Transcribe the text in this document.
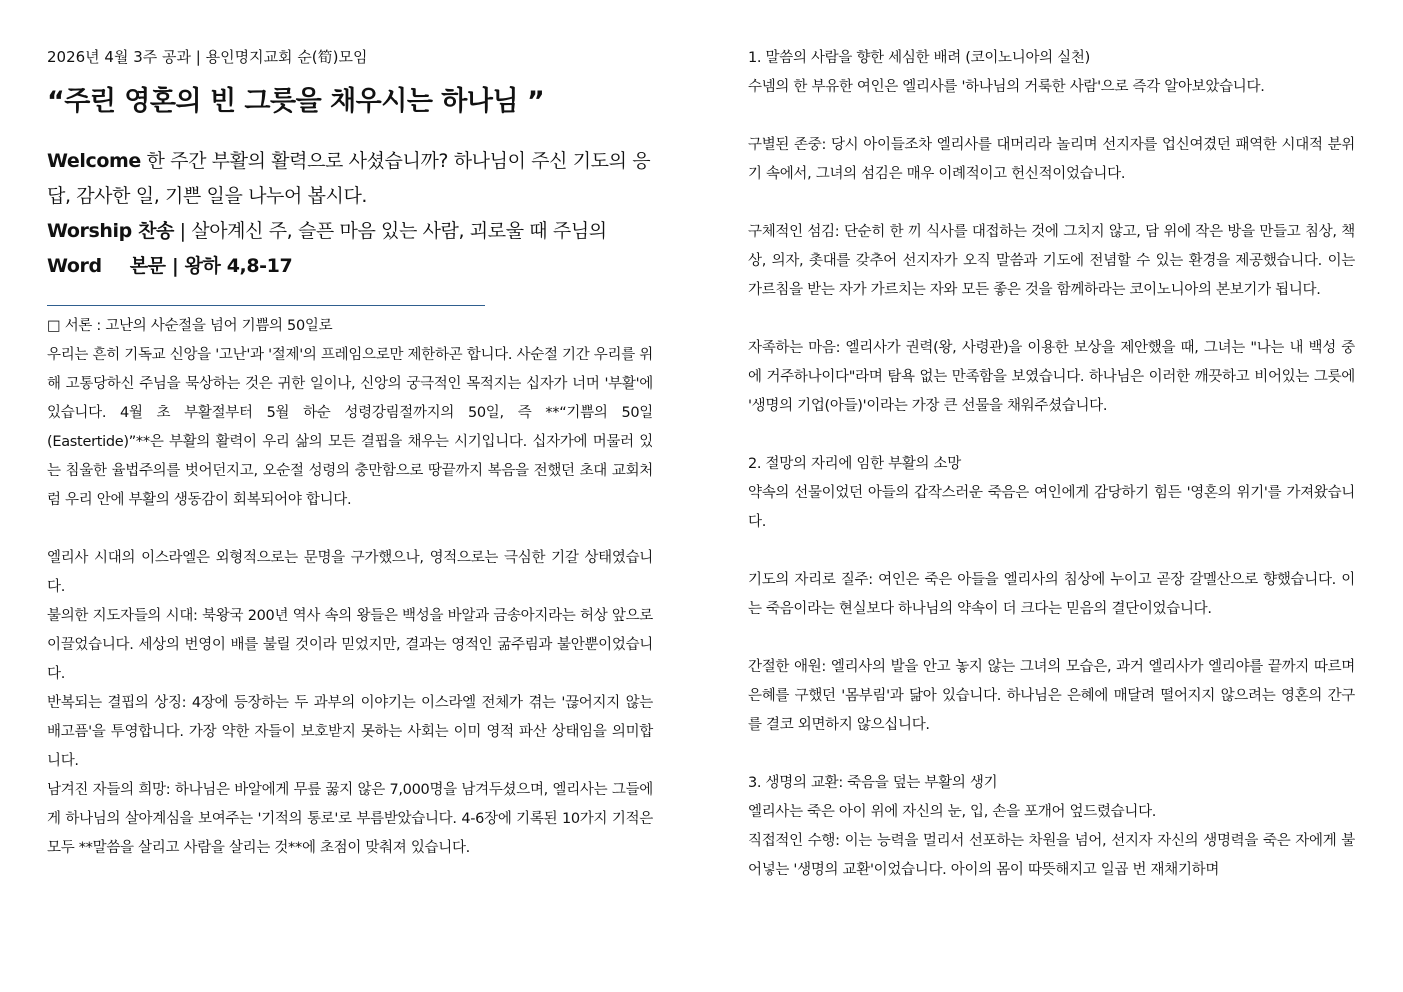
2026년 4월 3주 공과 | 용인명지교회 순(筍)모임

“주린 영혼의 빈 그릇을 채우시는 하나님 ”

Welcome 한 주간 부활의 활력으로 사셨습니까? 하나님이 주신 기도의 응답, 감사한 일, 기쁜 일을 나누어 봅시다.

Worship 찬송 | 살아계신 주, 슬픈 마음 있는 사람, 괴로울 때 주님의

Word 본문 | 왕하 4,8-17

□ 서론 : 고난의 사순절을 넘어 기쁨의 50일로

우리는 흔히 기독교 신앙을 '고난'과 '절제'의 프레임으로만 제한하곤 합니다. 사순절 기간 우리를 위해 고통당하신 주님을 묵상하는 것은 귀한 일이나, 신앙의 궁극적인 목적지는 십자가 너머 '부활'에 있습니다. 4월 초 부활절부터 5월 하순 성령강림절까지의 50일, 즉 **“기쁨의 50일(Eastertide)”**은 부활의 활력이 우리 삶의 모든 결핍을 채우는 시기입니다. 십자가에 머물러 있는 침울한 율법주의를 벗어던지고, 오순절 성령의 충만함으로 땅끝까지 복음을 전했던 초대 교회처럼 우리 안에 부활의 생동감이 회복되어야 합니다.

엘리사 시대의 이스라엘은 외형적으로는 문명을 구가했으나, 영적으로는 극심한 기갈 상태였습니다.

불의한 지도자들의 시대: 북왕국 200년 역사 속의 왕들은 백성을 바알과 금송아지라는 허상 앞으로 이끌었습니다. 세상의 번영이 배를 불릴 것이라 믿었지만, 결과는 영적인 굶주림과 불안뿐이었습니다.

반복되는 결핍의 상징: 4장에 등장하는 두 과부의 이야기는 이스라엘 전체가 겪는 '끊어지지 않는 배고픔'을 투영합니다. 가장 약한 자들이 보호받지 못하는 사회는 이미 영적 파산 상태임을 의미합니다.

남겨진 자들의 희망: 하나님은 바알에게 무릎 꿇지 않은 7,000명을 남겨두셨으며, 엘리사는 그들에게 하나님의 살아계심을 보여주는 '기적의 통로'로 부름받았습니다. 4-6장에 기록된 10가지 기적은 모두 **말씀을 살리고 사람을 살리는 것**에 초점이 맞춰져 있습니다.

1. 말씀의 사람을 향한 세심한 배려 (코이노니아의 실천)

수넴의 한 부유한 여인은 엘리사를 '하나님의 거룩한 사람'으로 즉각 알아보았습니다.

구별된 존중: 당시 아이들조차 엘리사를 대머리라 놀리며 선지자를 업신여겼던 패역한 시대적 분위기 속에서, 그녀의 섬김은 매우 이례적이고 헌신적이었습니다.

구체적인 섬김: 단순히 한 끼 식사를 대접하는 것에 그치지 않고, 담 위에 작은 방을 만들고 침상, 책상, 의자, 촛대를 갖추어 선지자가 오직 말씀과 기도에 전념할 수 있는 환경을 제공했습니다. 이는 가르침을 받는 자가 가르치는 자와 모든 좋은 것을 함께하라는 코이노니아의 본보기가 됩니다.

자족하는 마음: 엘리사가 권력(왕, 사령관)을 이용한 보상을 제안했을 때, 그녀는 "나는 내 백성 중에 거주하나이다"라며 탐욕 없는 만족함을 보였습니다. 하나님은 이러한 깨끗하고 비어있는 그릇에 '생명의 기업(아들)'이라는 가장 큰 선물을 채워주셨습니다.

2. 절망의 자리에 임한 부활의 소망

약속의 선물이었던 아들의 갑작스러운 죽음은 여인에게 감당하기 힘든 '영혼의 위기'를 가져왔습니다.

기도의 자리로 질주: 여인은 죽은 아들을 엘리사의 침상에 누이고 곧장 갈멜산으로 향했습니다. 이는 죽음이라는 현실보다 하나님의 약속이 더 크다는 믿음의 결단이었습니다.

간절한 애원: 엘리사의 발을 안고 놓지 않는 그녀의 모습은, 과거 엘리사가 엘리야를 끝까지 따르며 은혜를 구했던 '몸부림'과 닮아 있습니다. 하나님은 은혜에 매달려 떨어지지 않으려는 영혼의 간구를 결코 외면하지 않으십니다.

3. 생명의 교환: 죽음을 덮는 부활의 생기

엘리사는 죽은 아이 위에 자신의 눈, 입, 손을 포개어 엎드렸습니다.

직접적인 수행: 이는 능력을 멀리서 선포하는 차원을 넘어, 선지자 자신의 생명력을 죽은 자에게 불어넣는 '생명의 교환'이었습니다. 아이의 몸이 따뜻해지고 일곱 번 재채기하며
